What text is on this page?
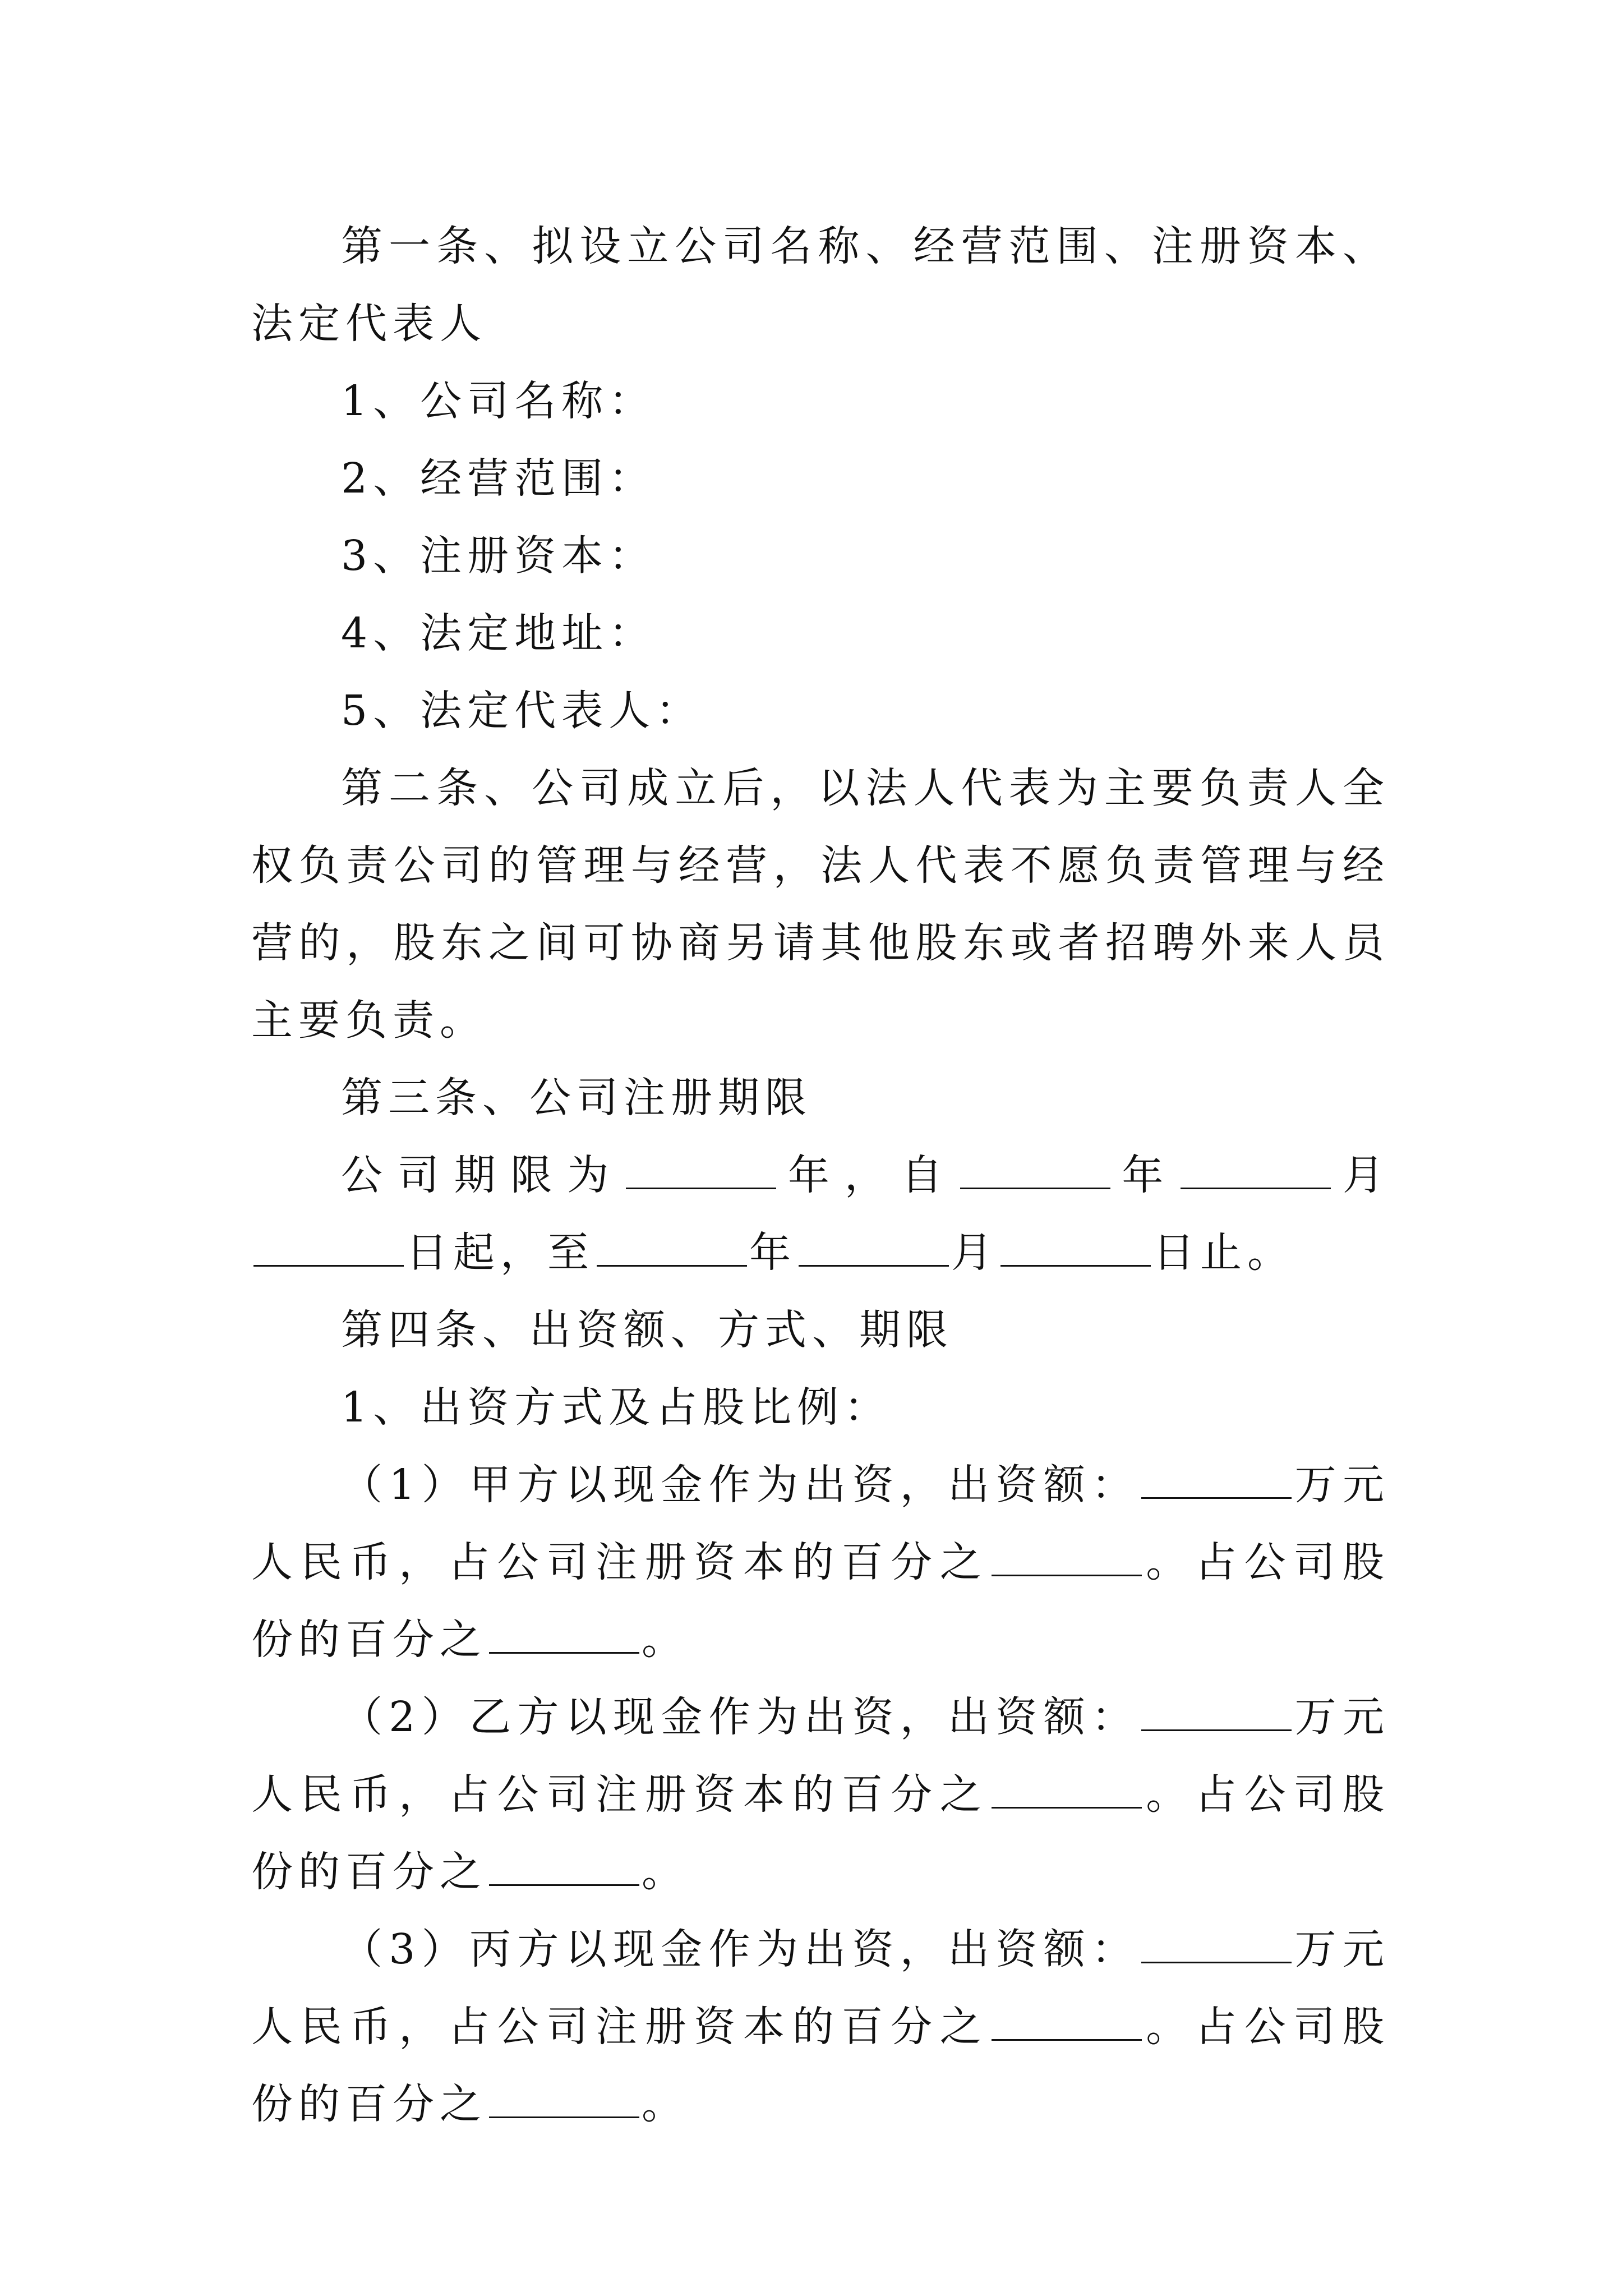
第一条、拟设立公司名称、经营范围、注册资本、法定代表人

1、公司名称：

2、经营范围：

3、注册资本：

4、法定地址：

5、法定代表人：

第二条、公司成立后，以法人代表为主要负责人全权负责公司的管理与经营，法人代表不愿负责管理与经营的，股东之间可协商另请其他股东或者招聘外来人员主要负责。

第三条、公司注册期限

公司期限为	年，自	年	月日起，至	年	月	日止。

第四条、出资额、方式、期限

1、出资方式及占股比例：

（1）甲方以现金作为出资，出资额：	万元人民币，占公司注册资本的百分之	。占公司股份的百分之	。

（2）乙方以现金作为出资，出资额：	万元人民币，占公司注册资本的百分之	。占公司股份的百分之	。

（3）丙方以现金作为出资，出资额：	万元人民币，占公司注册资本的百分之	。占公司股份的百分之	。
